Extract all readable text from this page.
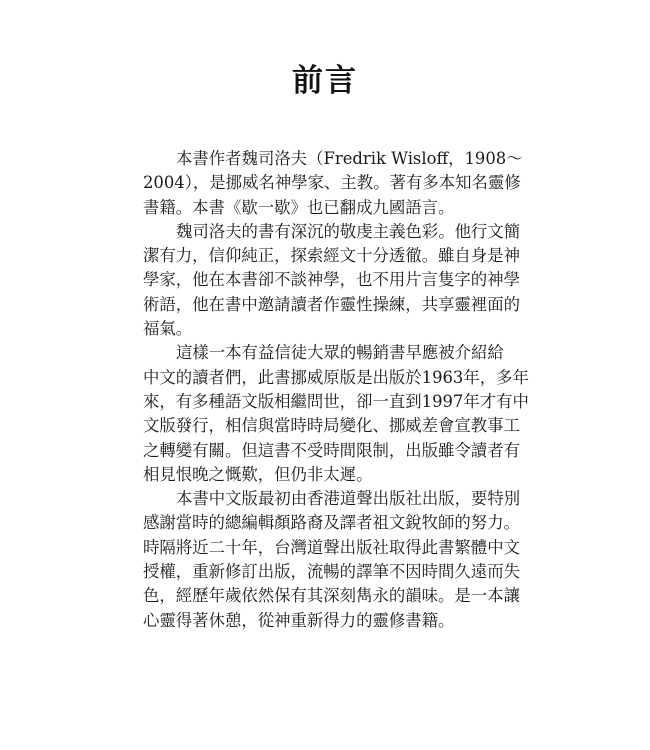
前言
本書作者魏司洛夫（Fredrik Wisloff，1908～
2004），是挪威名神學家、主教。著有多本知名靈修
書籍。本書《歇一歇》也已翻成九國語言。
魏司洛夫的書有深沉的敬虔主義色彩。他行文簡
潔有力，信仰純正，探索經文十分透徹。雖自身是神
學家，他在本書卻不談神學，也不用片言隻字的神學
術語，他在書中邀請讀者作靈性操練，共享靈裡面的
福氣。
這樣一本有益信徒大眾的暢銷書早應被介紹給
中文的讀者們，此書挪威原版是出版於1963年，多年
來，有多種語文版相繼問世，卻一直到1997年才有中
文版發行，相信與當時時局變化、挪威差會宣教事工
之轉變有關。但這書不受時間限制，出版雖令讀者有
相見恨晚之慨歎，但仍非太遲。
本書中文版最初由香港道聲出版社出版，要特別
感謝當時的總編輯顏路裔及譯者祖文銳牧師的努力。
時隔將近二十年，台灣道聲出版社取得此書繁體中文
授權，重新修訂出版，流暢的譯筆不因時間久遠而失
色，經歷年歲依然保有其深刻雋永的韻味。是一本讓
心靈得著休憩，從神重新得力的靈修書籍。
